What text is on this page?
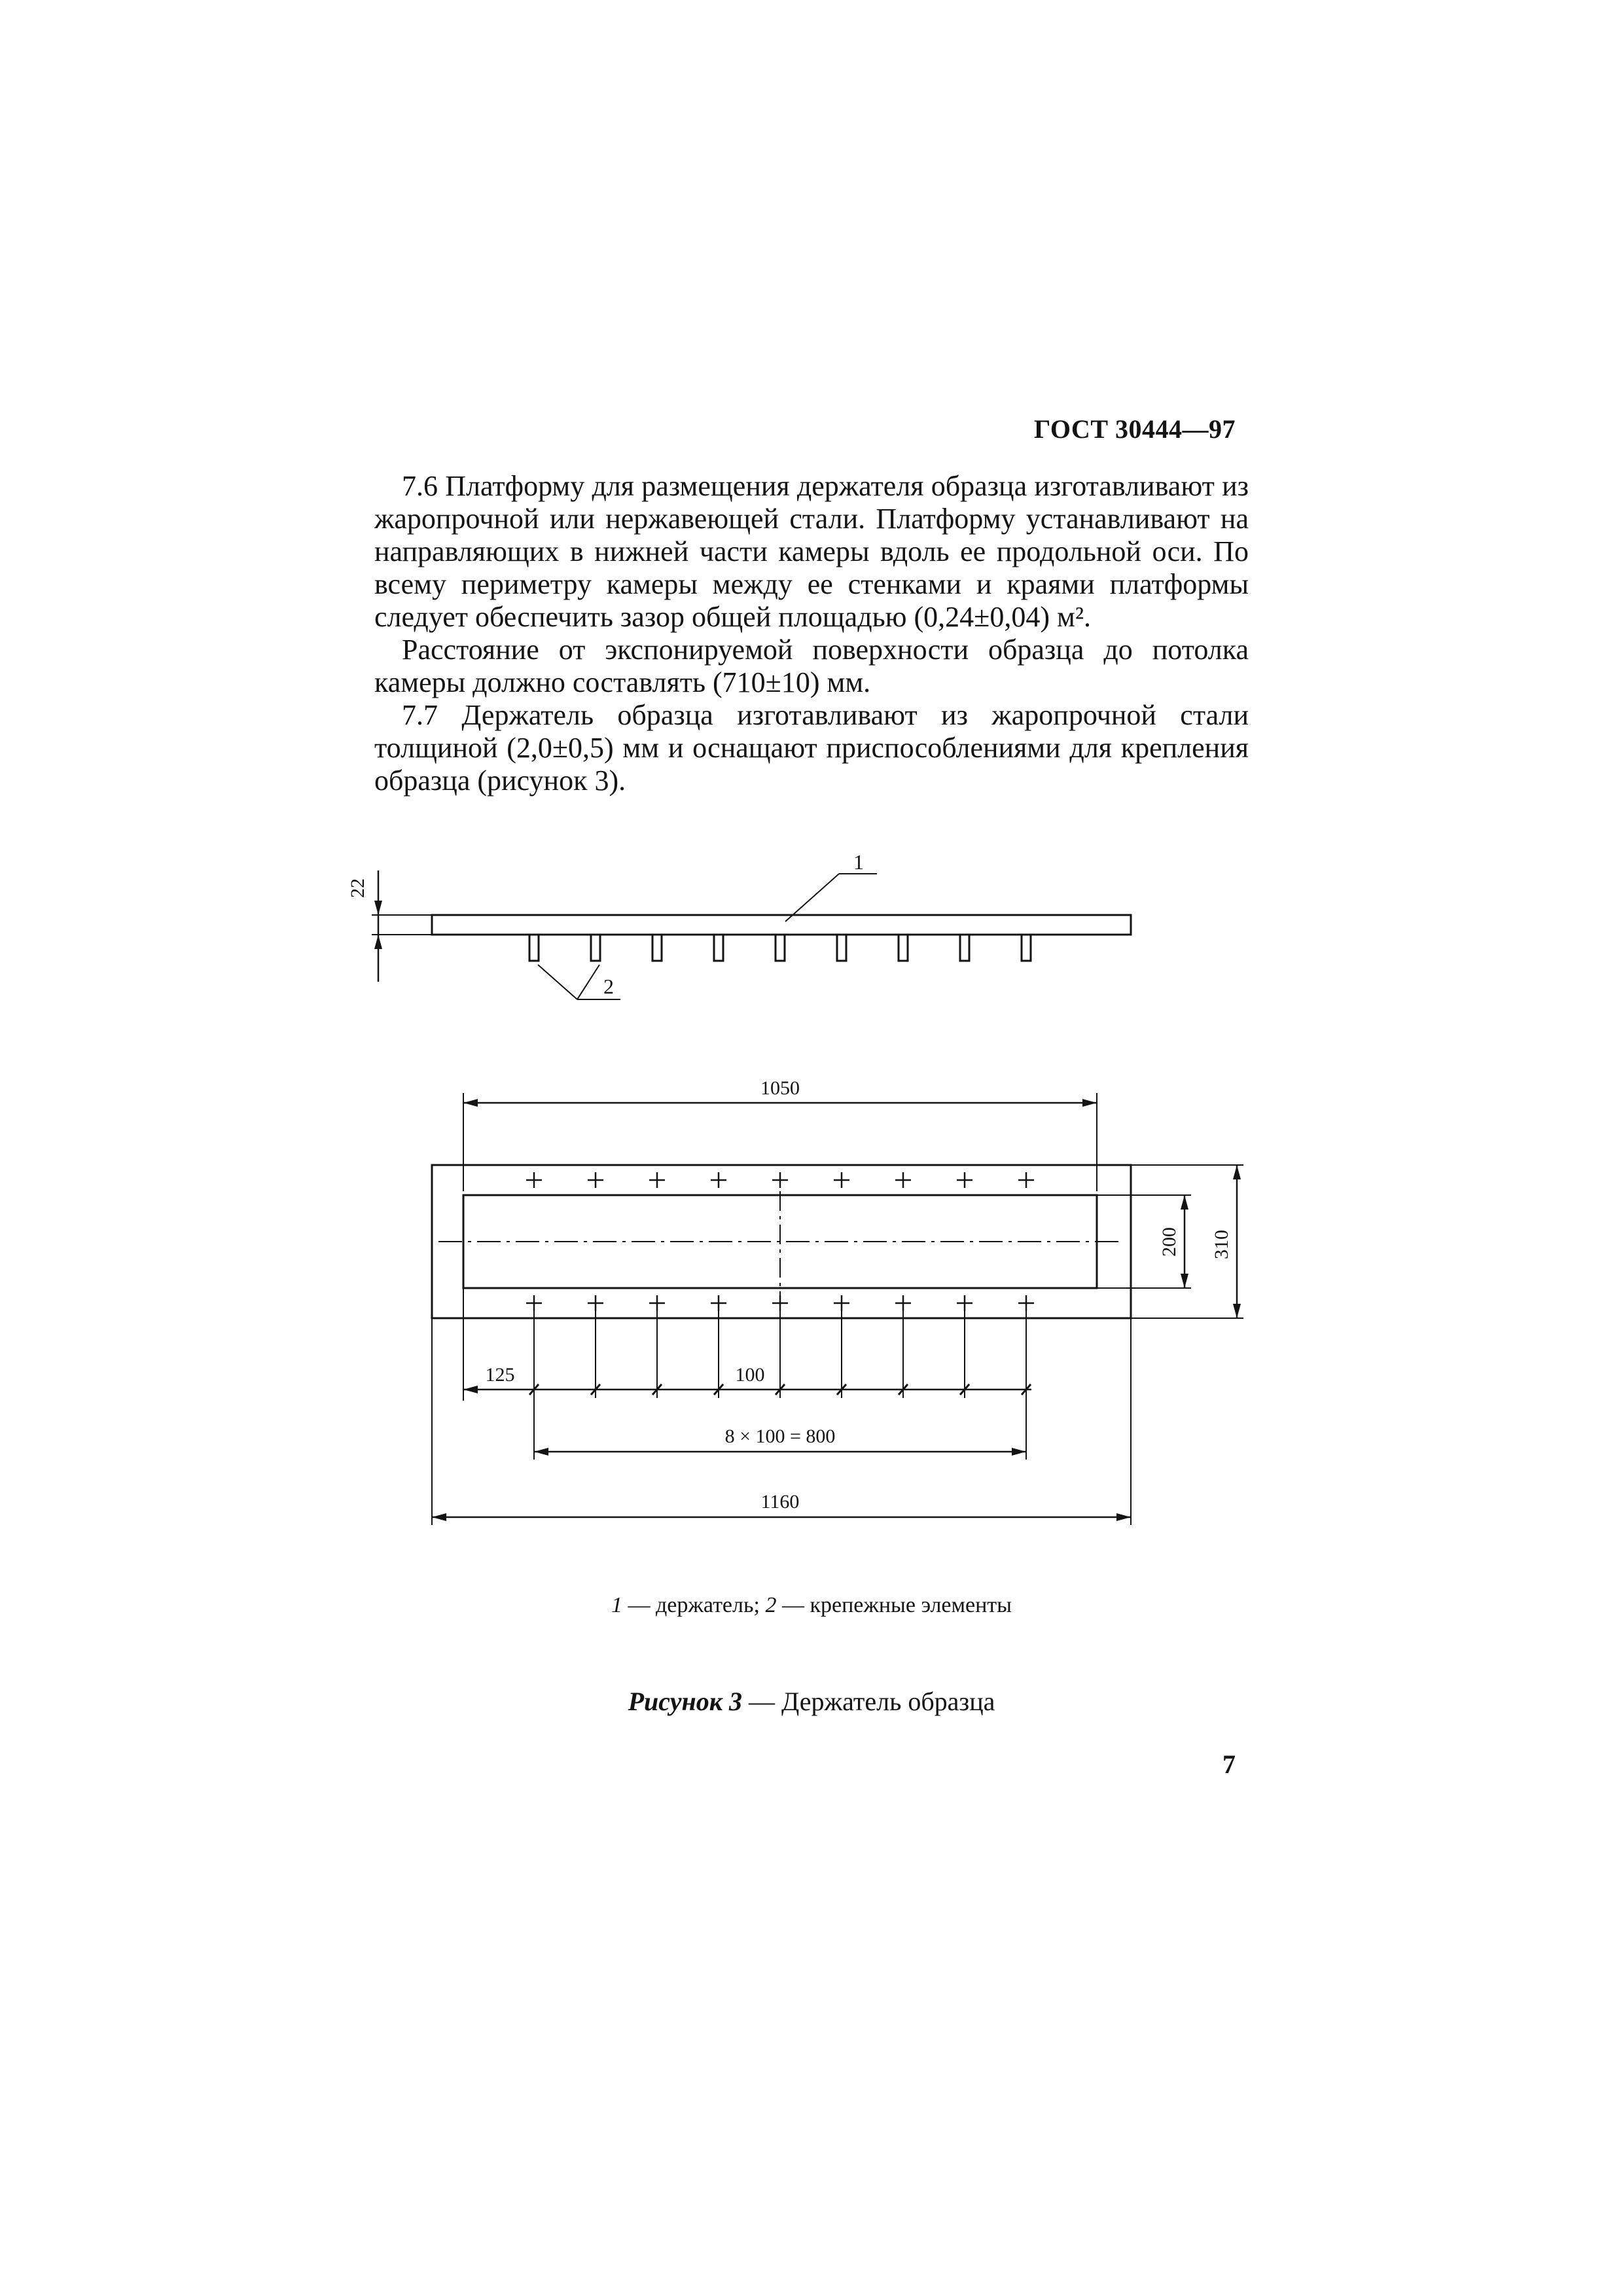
ГОСТ 30444—97

7.6 Платформу для размещения держателя образца изготавливают из жаропрочной или нержавеющей стали. Платформу устанавливают на направляющих в нижней части камеры вдоль ее продольной оси. По всему периметру камеры между ее стенками и краями платформы следует обеспечить зазор общей площадью (0,24±0,04) м².

Расстояние от экспонируемой поверхности образца до потолка камеры должно составлять (710±10) мм.

7.7 Держатель образца изготавливают из жаропрочной стали толщиной (2,0±0,5) мм и оснащают приспособлениями для крепления образца (рисунок 3).

22
1
2
1050
200 310
125	100
8 × 100 = 800
1160
1 — держатель; 2 — крепежные элементы
Рисунок 3 — Держатель образца
7
